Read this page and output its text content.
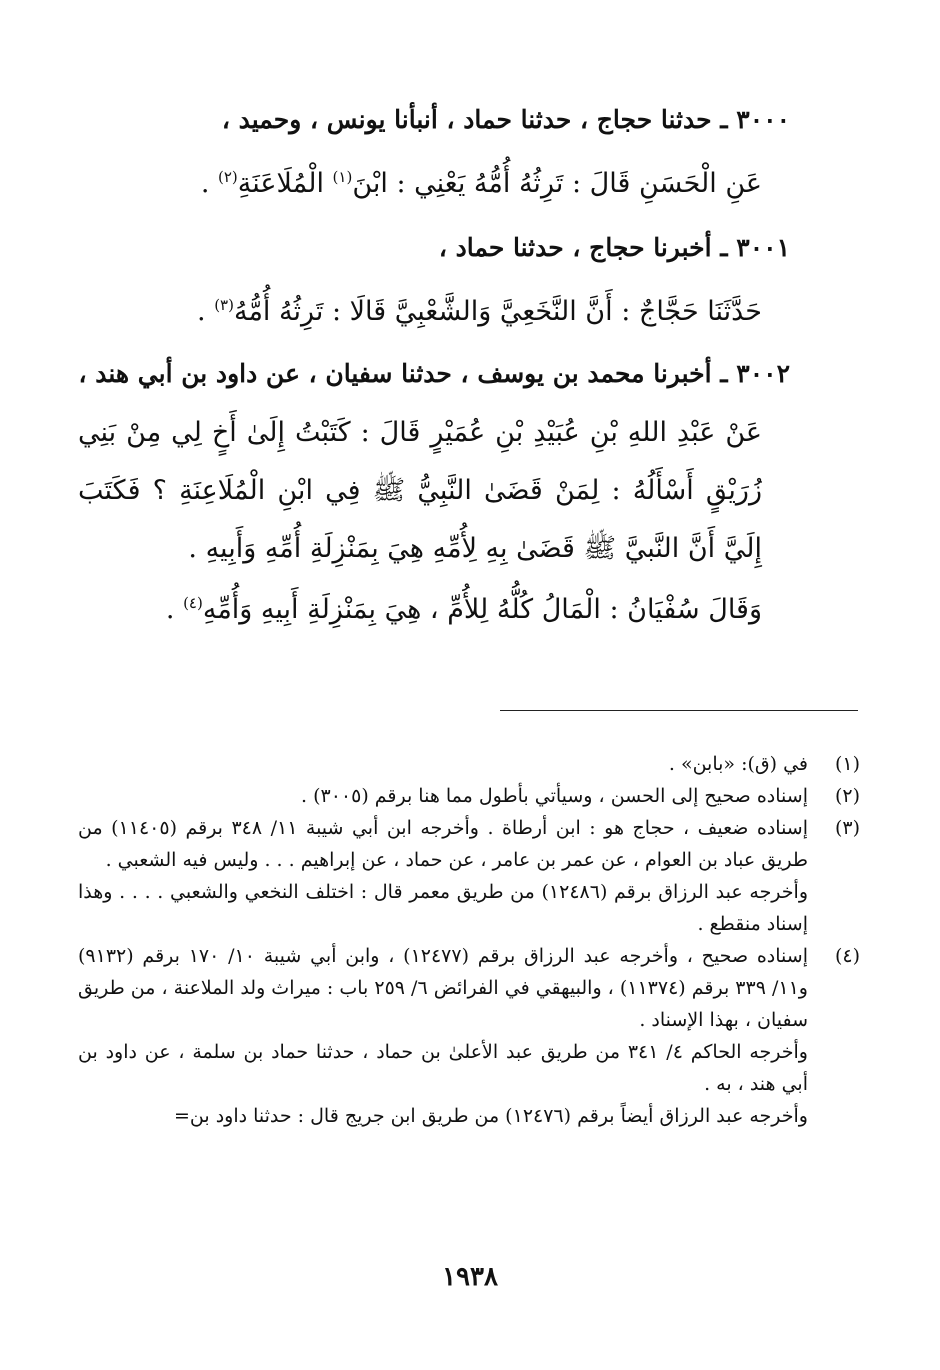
٣٠٠٠ ـ حدثنا حجاج ، حدثنا حماد ، أنبأنا يونس ، وحميد ،
عَنِ الْحَسَنِ قَالَ : تَرِثُهُ أُمُّهُ يَعْنِي : ابْنَ$^{(١)}$ الْمُلَاعَنَةِ$^{(٢)}$ .
٣٠٠١ ـ أخبرنا حجاج ، حدثنا حماد ،
حَدَّثَنَا حَجَّاجٌ : أَنَّ النَّخَعِيَّ وَالشَّعْبِيَّ قَالَا : تَرِثُهُ أُمُّهُ$^{(٣)}$ .
٣٠٠٢ ـ أخبرنا محمد بن يوسف ، حدثنا سفيان ، عن داود بن أبي هند ،
عَنْ عَبْدِ اللهِ بْنِ عُبَيْدِ بْنِ عُمَيْرٍ قَالَ : كَتَبْتُ إِلَىٰ أَخٍ لِي مِنْ بَنِي زُرَيْقٍ أَسْأَلُهُ : لِمَنْ قَضَىٰ النَّبِيُّ ﷺ فِي ابْنِ الْمُلَاعِنَةِ ؟ فَكَتَبَ إِلَيَّ أَنَّ النَّبيَّ ﷺ قَضَىٰ بِهِ لِأُمِّهِ هِيَ بِمَنْزِلَةِ أُمِّهِ وَأَبِيهِ .
وَقَالَ سُفْيَانُ : الْمَالُ كُلُّهُ لِلأُمِّ ، هِيَ بِمَنْزِلَةِ أَبِيهِ وَأُمِّهِ$^{(٤)}$ .
(١)

في (ق): «بابن» .

(٢)

إسناده صحيح إلى الحسن ، وسيأتي بأطول مما هنا برقم (٣٠٠٥) .

(٣)

إسناده ضعيف ، حجاج هو : ابن أرطاة . وأخرجه ابن أبي شيبة ١١/ ٣٤٨ برقم (١١٤٠٥) من طريق عباد بن العوام ، عن عمر بن عامر ، عن حماد ، عن إبراهيم . . . وليس فيه الشعبي .

وأخرجه عبد الرزاق برقم (١٢٤٨٦) من طريق معمر قال : اختلف النخعي والشعبي . . . . وهذا إسناد منقطع .

(٤)

إسناده صحيح ، وأخرجه عبد الرزاق برقم (١٢٤٧٧) ، وابن أبي شيبة ١٠/ ١٧٠ برقم (٩١٣٢) و١١/ ٣٣٩ برقم (١١٣٧٤) ، والبيهقي في الفرائض ٦/ ٢٥٩ باب : ميراث ولد الملاعنة ، من طريق سفيان ، بهذا الإسناد .

وأخرجه الحاكم ٤/ ٣٤١ من طريق عبد الأعلىٰ بن حماد ، حدثنا حماد بن سلمة ، عن داود بن أبي هند ، به .

وأخرجه عبد الرزاق أيضاً برقم (١٢٤٧٦) من طريق ابن جريج قال : حدثنا داود بن=

١٩٣٨
